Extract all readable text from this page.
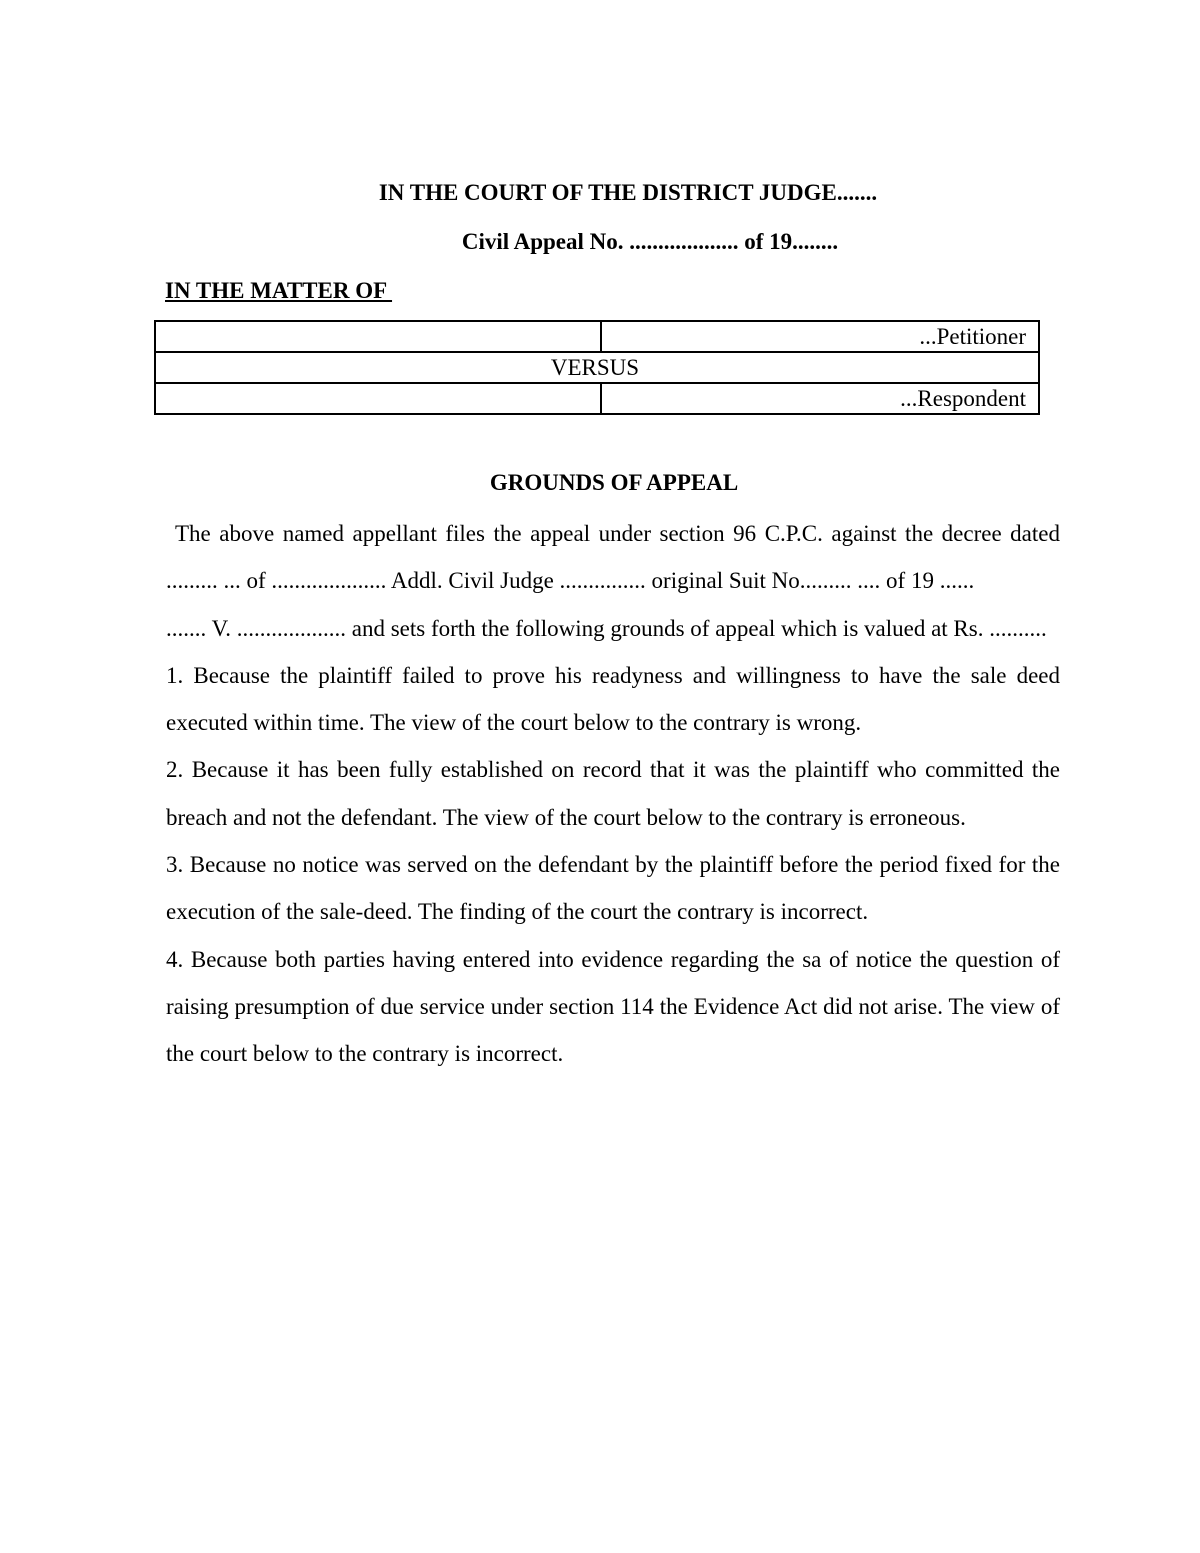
IN THE COURT OF THE DISTRICT JUDGE.......

Civil Appeal No. ................... of 19........

IN THE MATTER OF

	...Petitioner
VERSUS	
	...Respondent

GROUNDS OF APPEAL

The above named appellant files the appeal under section 96 C.P.C. against the decree dated ......... ... of .................... Addl. Civil Judge ............... original Suit No......... .... of 19 ......

....... V. ................... and sets forth the following grounds of appeal which is valued at Rs. ..........

1. Because the plaintiff failed to prove his readyness and willingness to have the sale deed executed within time. The view of the court below to the contrary is wrong.

2. Because it has been fully established on record that it was the plaintiff who committed the breach and not the defendant. The view of the court below to the contrary is erroneous.

3. Because no notice was served on the defendant by the plaintiff before the period fixed for the execution of the sale-deed. The finding of the court the contrary is incorrect.

4. Because both parties having entered into evidence regarding the sa of notice the question of raising presumption of due service under section 114 the Evidence Act did not arise. The view of the court below to the contrary is incorrect.
